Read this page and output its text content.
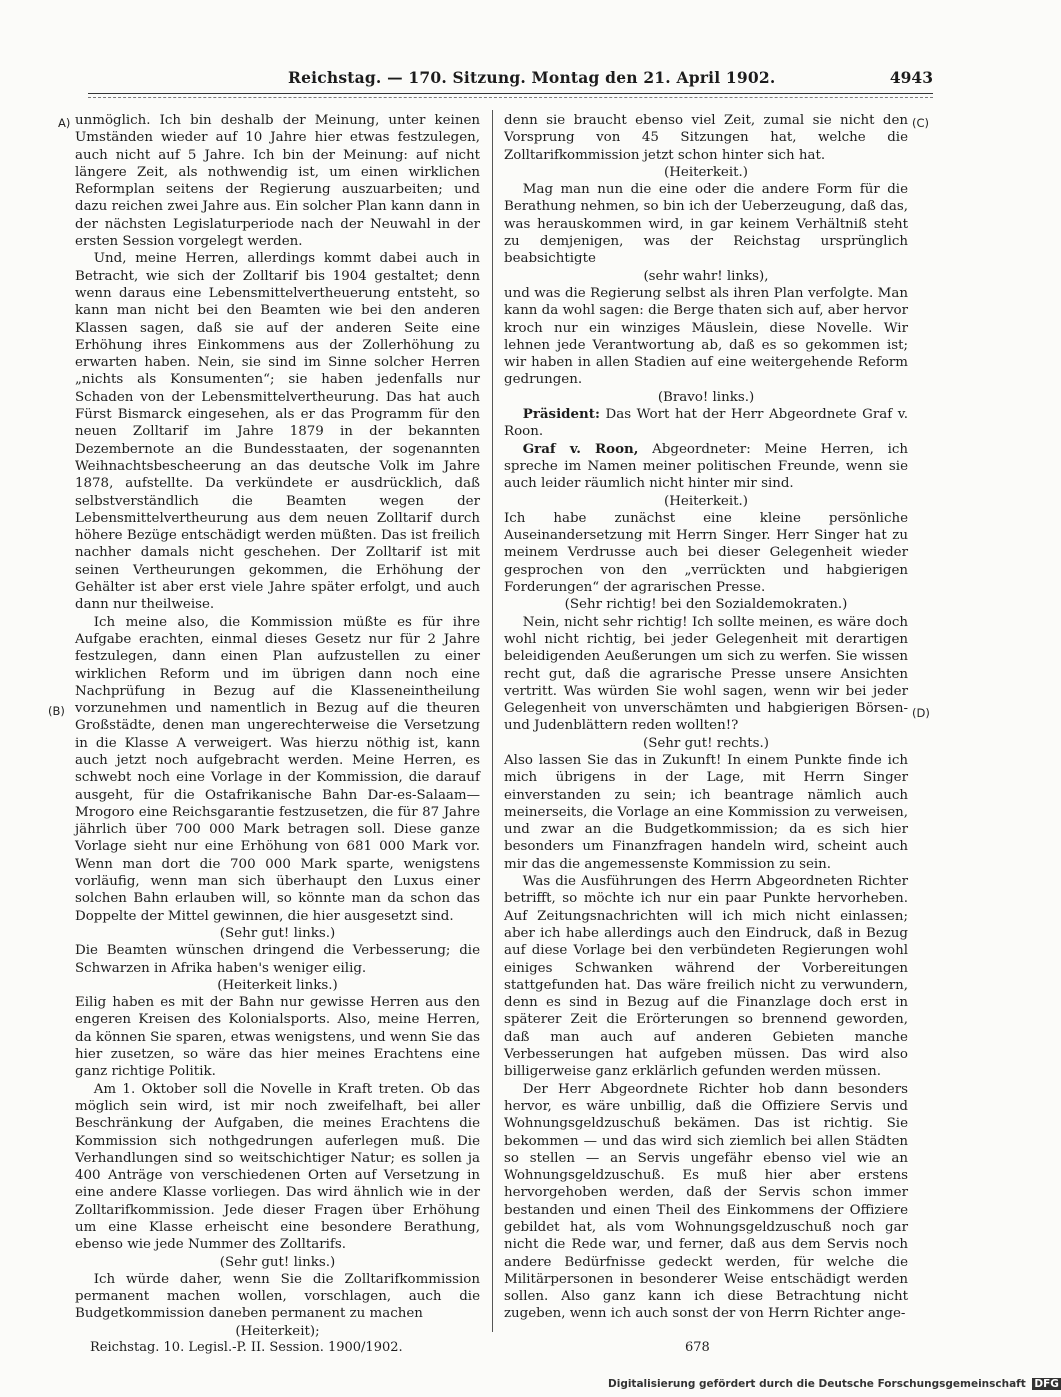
Reichstag. — 170. Sitzung. Montag den 21. April 1902.	4943
A)
(B)
(C)
(D)

unmöglich. Ich bin deshalb der Meinung, unter keinen Umständen wieder auf 10 Jahre hier etwas festzulegen, auch nicht auf 5 Jahre. Ich bin der Meinung: auf nicht längere Zeit, als nothwendig ist, um einen wirklichen Reformplan seitens der Regierung auszuarbeiten; und dazu reichen zwei Jahre aus. Ein solcher Plan kann dann in der nächsten Legislaturperiode nach der Neuwahl in der ersten Session vorgelegt werden.

Und, meine Herren, allerdings kommt dabei auch in Betracht, wie sich der Zolltarif bis 1904 gestaltet; denn wenn daraus eine Lebensmittelvertheuerung entsteht, so kann man nicht bei den Beamten wie bei den anderen Klassen sagen, daß sie auf der anderen Seite eine Erhöhung ihres Einkommens aus der Zollerhöhung zu erwarten haben. Nein, sie sind im Sinne solcher Herren „nichts als Konsumenten“; sie haben jedenfalls nur Schaden von der Lebensmittelvertheurung. Das hat auch Fürst Bismarck eingesehen, als er das Programm für den neuen Zolltarif im Jahre 1879 in der bekannten Dezembernote an die Bundesstaaten, der sogenannten Weihnachtsbescheerung an das deutsche Volk im Jahre 1878, aufstellte. Da verkündete er ausdrücklich, daß selbstverständlich die Beamten wegen der Lebensmittelvertheurung aus dem neuen Zolltarif durch höhere Bezüge entschädigt werden müßten. Das ist freilich nachher damals nicht geschehen. Der Zolltarif ist mit seinen Vertheurungen gekommen, die Erhöhung der Gehälter ist aber erst viele Jahre später erfolgt, und auch dann nur theilweise.

Ich meine also, die Kommission müßte es für ihre Aufgabe erachten, einmal dieses Gesetz nur für 2 Jahre festzulegen, dann einen Plan aufzustellen zu einer wirklichen Reform und im übrigen dann noch eine Nachprüfung in Bezug auf die Klasseneintheilung vorzunehmen und namentlich in Bezug auf die theuren Großstädte, denen man ungerechterweise die Versetzung in die Klasse A verweigert. Was hierzu nöthig ist, kann auch jetzt noch aufgebracht werden. Meine Herren, es schwebt noch eine Vorlage in der Kommission, die darauf ausgeht, für die Ostafrikanische Bahn Dar-es-Salaam—Mrogoro eine Reichsgarantie festzusetzen, die für 87 Jahre jährlich über 700 000 Mark betragen soll. Diese ganze Vorlage sieht nur eine Erhöhung von 681 000 Mark vor. Wenn man dort die 700 000 Mark sparte, wenigstens vorläufig, wenn man sich überhaupt den Luxus einer solchen Bahn erlauben will, so könnte man da schon das Doppelte der Mittel gewinnen, die hier ausgesetzt sind.

(Sehr gut! links.)

Die Beamten wünschen dringend die Verbesserung; die Schwarzen in Afrika haben's weniger eilig.

(Heiterkeit links.)

Eilig haben es mit der Bahn nur gewisse Herren aus den engeren Kreisen des Kolonialsports. Also, meine Herren, da können Sie sparen, etwas wenigstens, und wenn Sie das hier zusetzen, so wäre das hier meines Erachtens eine ganz richtige Politik.

Am 1. Oktober soll die Novelle in Kraft treten. Ob das möglich sein wird, ist mir noch zweifelhaft, bei aller Beschränkung der Aufgaben, die meines Erachtens die Kommission sich nothgedrungen auferlegen muß. Die Verhandlungen sind so weitschichtiger Natur; es sollen ja 400 Anträge von verschiedenen Orten auf Versetzung in eine andere Klasse vorliegen. Das wird ähnlich wie in der Zolltarifkommission. Jede dieser Fragen über Erhöhung um eine Klasse erheischt eine besondere Berathung, ebenso wie jede Nummer des Zolltarifs.

(Sehr gut! links.)

Ich würde daher, wenn Sie die Zolltarifkommission permanent machen wollen, vorschlagen, auch die Budgetkommission daneben permanent zu machen

(Heiterkeit);

denn sie braucht ebenso viel Zeit, zumal sie nicht den Vorsprung von 45 Sitzungen hat, welche die Zolltarifkommission jetzt schon hinter sich hat.

(Heiterkeit.)

Mag man nun die eine oder die andere Form für die Berathung nehmen, so bin ich der Ueberzeugung, daß das, was herauskommen wird, in gar keinem Verhältniß steht zu demjenigen, was der Reichstag ursprünglich beabsichtigte

(sehr wahr! links),

und was die Regierung selbst als ihren Plan verfolgte. Man kann da wohl sagen: die Berge thaten sich auf, aber hervor kroch nur ein winziges Mäuslein, diese Novelle. Wir lehnen jede Verantwortung ab, daß es so gekommen ist; wir haben in allen Stadien auf eine weitergehende Reform gedrungen.

(Bravo! links.)

Präsident: Das Wort hat der Herr Abgeordnete Graf v. Roon.

Graf v. Roon, Abgeordneter: Meine Herren, ich spreche im Namen meiner politischen Freunde, wenn sie auch leider räumlich nicht hinter mir sind.

(Heiterkeit.)

Ich habe zunächst eine kleine persönliche Auseinandersetzung mit Herrn Singer. Herr Singer hat zu meinem Verdrusse auch bei dieser Gelegenheit wieder gesprochen von den „verrückten und habgierigen Forderungen“ der agrarischen Presse.

(Sehr richtig! bei den Sozialdemokraten.)

Nein, nicht sehr richtig! Ich sollte meinen, es wäre doch wohl nicht richtig, bei jeder Gelegenheit mit derartigen beleidigenden Aeußerungen um sich zu werfen. Sie wissen recht gut, daß die agrarische Presse unsere Ansichten vertritt. Was würden Sie wohl sagen, wenn wir bei jeder Gelegenheit von unverschämten und habgierigen Börsen- und Judenblättern reden wollten!?

(Sehr gut! rechts.)

Also lassen Sie das in Zukunft! In einem Punkte finde ich mich übrigens in der Lage, mit Herrn Singer einverstanden zu sein; ich beantrage nämlich auch meinerseits, die Vorlage an eine Kommission zu verweisen, und zwar an die Budgetkommission; da es sich hier besonders um Finanzfragen handeln wird, scheint auch mir das die angemessenste Kommission zu sein.

Was die Ausführungen des Herrn Abgeordneten Richter betrifft, so möchte ich nur ein paar Punkte hervorheben. Auf Zeitungsnachrichten will ich mich nicht einlassen; aber ich habe allerdings auch den Eindruck, daß in Bezug auf diese Vorlage bei den verbündeten Regierungen wohl einiges Schwanken während der Vorbereitungen stattgefunden hat. Das wäre freilich nicht zu verwundern, denn es sind in Bezug auf die Finanzlage doch erst in späterer Zeit die Erörterungen so brennend geworden, daß man auch auf anderen Gebieten manche Verbesserungen hat aufgeben müssen. Das wird also billigerweise ganz erklärlich gefunden werden müssen.

Der Herr Abgeordnete Richter hob dann besonders hervor, es wäre unbillig, daß die Offiziere Servis und Wohnungsgeldzuschuß bekämen. Das ist richtig. Sie bekommen — und das wird sich ziemlich bei allen Städten so stellen — an Servis ungefähr ebenso viel wie an Wohnungsgeldzuschuß. Es muß hier aber erstens hervorgehoben werden, daß der Servis schon immer bestanden und einen Theil des Einkommens der Offiziere gebildet hat, als vom Wohnungsgeldzuschuß noch gar nicht die Rede war, und ferner, daß aus dem Servis noch andere Bedürfnisse gedeckt werden, für welche die Militärpersonen in besonderer Weise entschädigt werden sollen. Also ganz kann ich diese Betrachtung nicht zugeben, wenn ich auch sonst der von Herrn Richter ange-

Reichstag. 10. Legisl.-P. II. Session. 1900/1902.	678
Digitalisierung gefördert durch die Deutsche Forschungsgemeinschaft DFG
